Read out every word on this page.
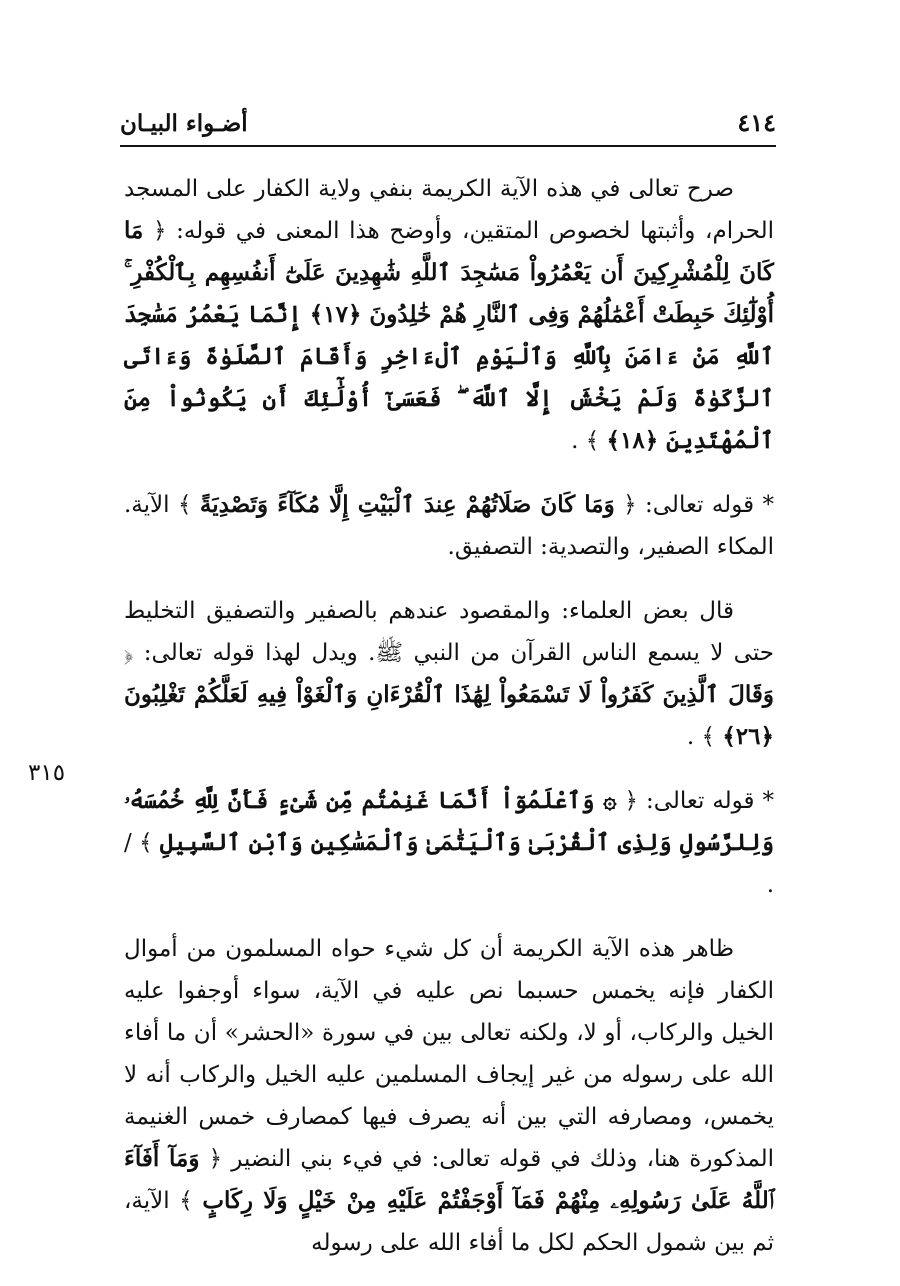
أضـواء البيـان	٤١٤
٣١٥

صرح تعالى في هذه الآية الكريمة بنفي ولاية الكفار على المسجد الحرام، وأثبتها لخصوص المتقين، وأوضح هذا المعنى في قوله: ﴿ مَا كَانَ لِلْمُشْرِكِينَ أَن يَعْمُرُواْ مَسَٰجِدَ ٱللَّهِ شَٰهِدِينَ عَلَىٰٓ أَنفُسِهِم بِٱلْكُفْرِ ۚ أُوْلَٰٓئِكَ حَبِطَتْ أَعْمَٰلُهُمْ وَفِى ٱلنَّارِ هُمْ خَٰلِدُونَ ﴿١٧﴾ إِنَّمَا يَعْمُرُ مَسَٰجِدَ ٱللَّهِ مَنْ ءَامَنَ بِٱللَّهِ وَٱلْيَوْمِ ٱلْءَاخِرِ وَأَقَامَ ٱلصَّلَوٰةَ وَءَاتَى ٱلزَّكَوٰةَ وَلَمْ يَخْشَ إِلَّا ٱللَّهَ ۖ فَعَسَىٰٓ أُوْلَٰٓئِكَ أَن يَكُونُواْ مِنَ ٱلْمُهْتَدِينَ ﴿١٨﴾ ﴾ .

* قوله تعالى: ﴿ وَمَا كَانَ صَلَاتُهُمْ عِندَ ٱلْبَيْتِ إِلَّا مُكَآءً وَتَصْدِيَةً ﴾ الآية. المكاء الصفير، والتصدية: التصفيق.

قال بعض العلماء: والمقصود عندهم بالصفير والتصفيق التخليط حتى لا يسمع الناس القرآن من النبي ﷺ. ويدل لهذا قوله تعالى: ﴿ وَقَالَ ٱلَّذِينَ كَفَرُواْ لَا تَسْمَعُواْ لِهَٰذَا ٱلْقُرْءَانِ وَٱلْغَوْاْ فِيهِ لَعَلَّكُمْ تَغْلِبُونَ ﴿٢٦﴾ ﴾ .

* قوله تعالى: ﴿ ۞ وَٱعْلَمُوٓاْ أَنَّمَا غَنِمْتُم مِّن شَىْءٍ فَأَنَّ لِلَّهِ خُمُسَهُۥ وَلِلرَّسُولِ وَلِذِى ٱلْقُرْبَىٰ وَٱلْيَتَٰمَىٰ وَٱلْمَسَٰكِينِ وَٱبْنِ ٱلسَّبِيلِ ﴾ / .

ظاهر هذه الآية الكريمة أن كل شيء حواه المسلمون من أموال الكفار فإنه يخمس حسبما نص عليه في الآية، سواء أوجفوا عليه الخيل والركاب، أو لا، ولكنه تعالى بين في سورة «الحشر» أن ما أفاء الله على رسوله من غير إيجاف المسلمين عليه الخيل والركاب أنه لا يخمس، ومصارفه التي بين أنه يصرف فيها كمصارف خمس الغنيمة المذكورة هنا، وذلك في قوله تعالى: في فيء بني النضير ﴿ وَمَآ أَفَآءَ ٱللَّهُ عَلَىٰ رَسُولِهِۦ مِنْهُمْ فَمَآ أَوْجَفْتُمْ عَلَيْهِ مِنْ خَيْلٍ وَلَا رِكَابٍ ﴾ الآية، ثم بين شمول الحكم لكل ما أفاء الله على رسوله
